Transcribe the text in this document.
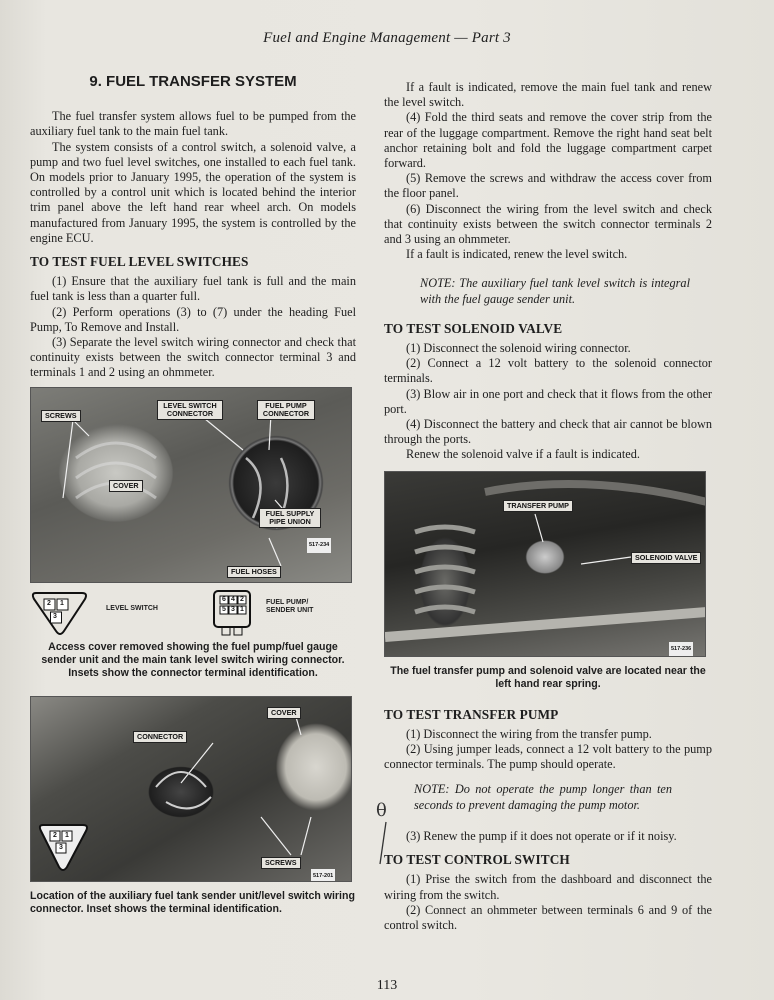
Fuel and Engine Management — Part 3
9. FUEL TRANSFER SYSTEM

The fuel transfer system allows fuel to be pumped from the auxiliary fuel tank to the main fuel tank.

The system consists of a control switch, a solenoid valve, a pump and two fuel level switches, one installed to each fuel tank. On models prior to January 1995, the operation of the system is controlled by a control unit which is located behind the interior trim panel above the left hand rear wheel arch. On models manufactured from January 1995, the system is controlled by the engine ECU.

TO TEST FUEL LEVEL SWITCHES

(1) Ensure that the auxiliary fuel tank is full and the main fuel tank is less than a quarter full.

(2) Perform operations (3) to (7) under the heading Fuel Pump, To Remove and Install.

(3) Separate the level switch wiring connector and check that continuity exists between the switch connector terminal 3 and terminals 1 and 2 using an ohmmeter.

SCREWS
LEVEL SWITCH CONNECTOR
FUEL PUMP CONNECTOR
COVER
FUEL SUPPLY PIPE UNION
FUEL HOSES
517-234
2 1
3
LEVEL SWITCH
6 4 2
5 3 1
FUEL PUMP/ SENDER UNIT
Access cover removed showing the fuel pump/fuel gauge sender unit and the main tank level switch wiring connector. Insets show the connector terminal identification.
COVER
CONNECTOR
SCREWS
517-201
2 1
3
Location of the auxiliary fuel tank sender unit/level switch wiring connector. Inset shows the terminal identification.

If a fault is indicated, remove the main fuel tank and renew the level switch.

(4) Fold the third seats and remove the cover strip from the rear of the luggage compartment. Remove the right hand seat belt anchor retaining bolt and fold the luggage compartment carpet forward.

(5) Remove the screws and withdraw the access cover from the floor panel.

(6) Disconnect the wiring from the level switch and check that continuity exists between the switch connector terminals 2 and 3 using an ohmmeter.

If a fault is indicated, renew the level switch.

NOTE: The auxiliary fuel tank level switch is integral with the fuel gauge sender unit.
TO TEST SOLENOID VALVE

(1) Disconnect the solenoid wiring connector.

(2) Connect a 12 volt battery to the solenoid connector terminals.

(3) Blow air in one port and check that it flows from the other port.

(4) Disconnect the battery and check that air cannot be blown through the ports.

Renew the solenoid valve if a fault is indicated.

TRANSFER PUMP
SOLENOID VALVE
517-236
The fuel transfer pump and solenoid valve are located near the left hand rear spring.
TO TEST TRANSFER PUMP

(1) Disconnect the wiring from the transfer pump.

(2) Using jumper leads, connect a 12 volt battery to the pump connector terminals. The pump should operate.

NOTE: Do not operate the pump longer than ten seconds to prevent damaging the pump motor.

(3) Renew the pump if it does not operate or if it noisy.

TO TEST CONTROL SWITCH

(1) Prise the switch from the dashboard and disconnect the wiring from the switch.

(2) Connect an ohmmeter between terminals 6 and 9 of the control switch.

θ
113
